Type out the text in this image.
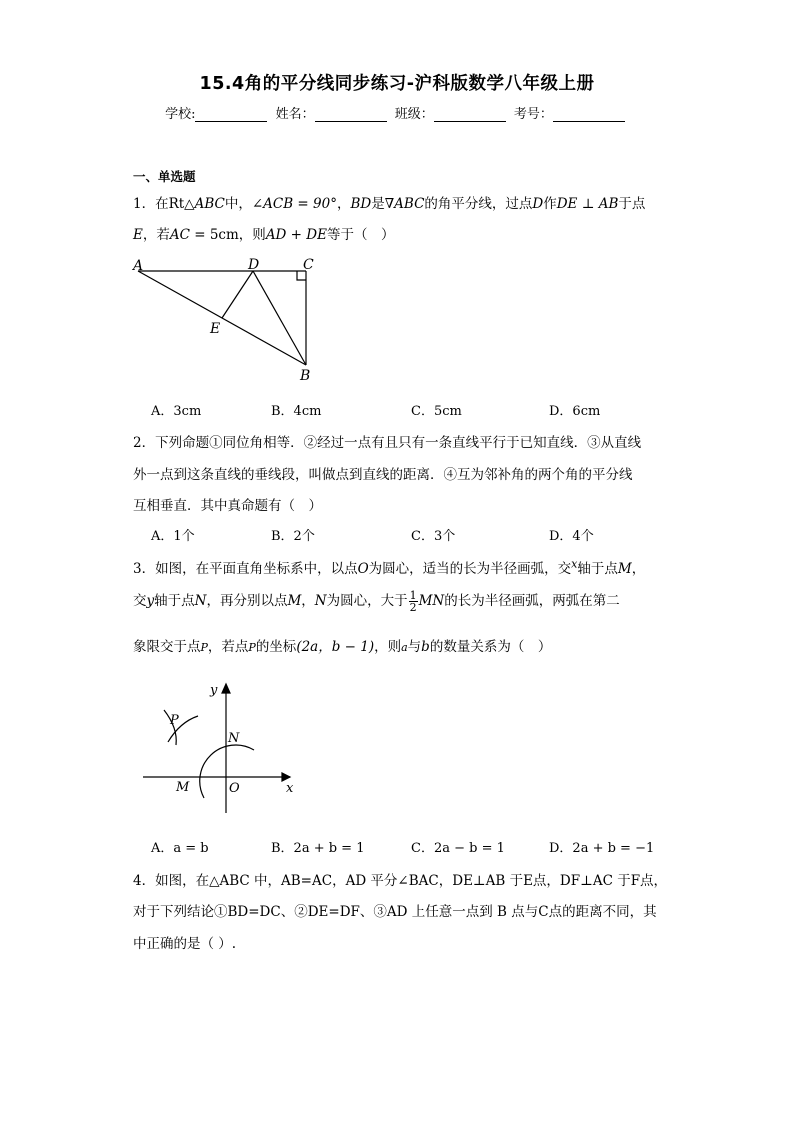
15.4角的平分线同步练习-沪科版数学八年级上册
学校:	姓名：	班级：	考号：
一、单选题
1．在Rt△ABC中，∠ACB = 90°，BD是∇ABC的角平分线，过点D作DE ⊥ AB于点
E，若AC = 5cm，则AD + DE等于（　）
A	D	C
E
B
A．3cm	B．4cm	C．5cm	D．6cm
2．下列命题①同位角相等．②经过一点有且只有一条直线平行于已知直线．③从直线
外一点到这条直线的垂线段，叫做点到直线的距离．④互为邻补角的两个角的平分线
互相垂直．其中真命题有（　）
A．1个	B．2个	C．3个	D．4个
3．如图，在平面直角坐标系中，以点O为圆心，适当的长为半径画弧，交$^x$轴于点M，
交y轴于点N，再分别以点M，N为圆心，大于 $\frac{1}{2}MN$的长为半径画弧，两弧在第二
象限交于点P，若点P的坐标(2a，b − 1)，则a与b的数量关系为（　）
y
x
P
N
M	O
A．a = b	B．2a + b = 1	C．2a − b = 1	D．2a + b = −1
4．如图，在△ABC 中，AB=AC，AD 平分∠BAC，DE⊥AB 于E点，DF⊥AC 于F点，
对于下列结论①BD=DC、②DE=DF、③AD 上任意一点到 B 点与C点的距离不同，其
中正确的是（ ）.
